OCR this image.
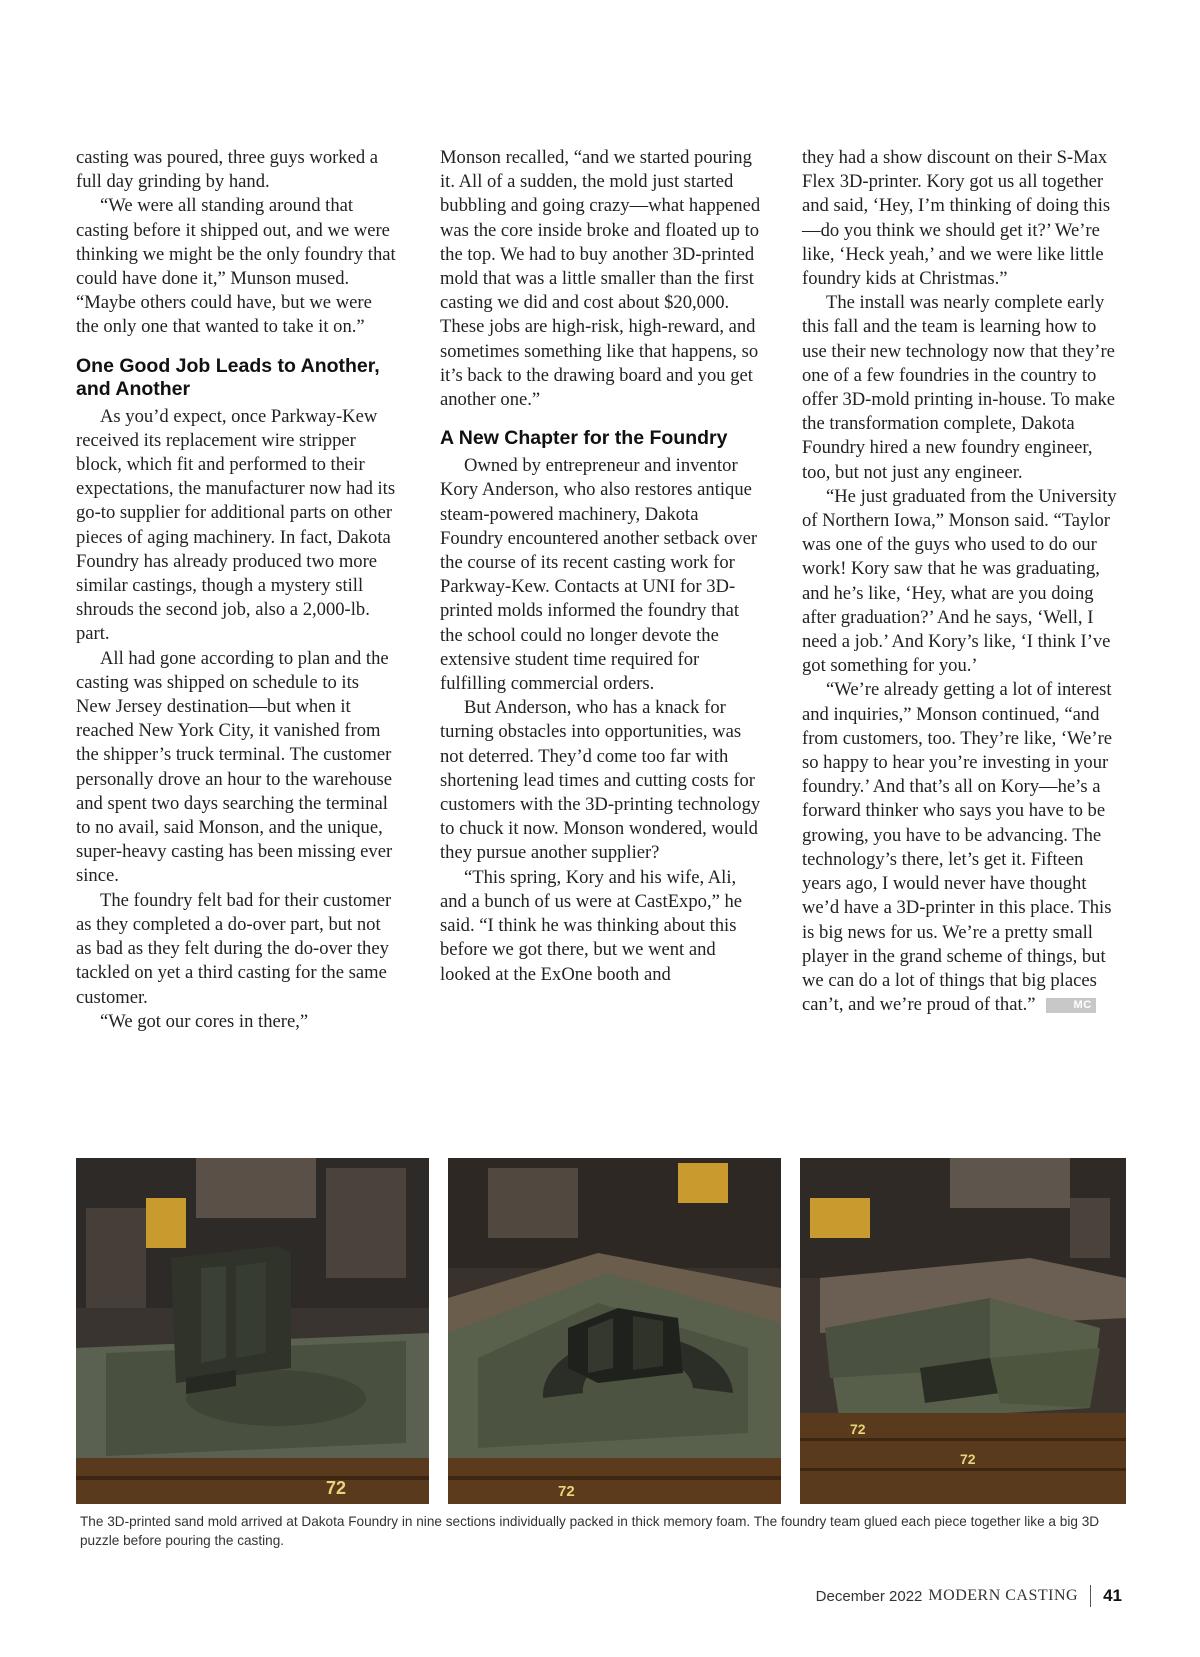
casting was poured, three guys worked a full day grinding by hand.

“We were all standing around that casting before it shipped out, and we were thinking we might be the only foundry that could have done it,” Munson mused. “Maybe others could have, but we were the only one that wanted to take it on.”

One Good Job Leads to Another, and Another

As you’d expect, once Parkway-Kew received its replacement wire stripper block, which fit and performed to their expectations, the manufacturer now had its go-to supplier for additional parts on other pieces of aging machinery. In fact, Dakota Foundry has already produced two more similar castings, though a mystery still shrouds the second job, also a 2,000-lb. part.

All had gone according to plan and the casting was shipped on schedule to its New Jersey destination—but when it reached New York City, it vanished from the shipper’s truck terminal. The customer personally drove an hour to the warehouse and spent two days searching the terminal to no avail, said Monson, and the unique, super-heavy casting has been missing ever since.

The foundry felt bad for their customer as they completed a do-over part, but not as bad as they felt during the do-over they tackled on yet a third casting for the same customer.

“We got our cores in there,”

Monson recalled, “and we started pouring it. All of a sudden, the mold just started bubbling and going crazy—what happened was the core inside broke and floated up to the top. We had to buy another 3D-printed mold that was a little smaller than the first casting we did and cost about $20,000. These jobs are high-risk, high-reward, and sometimes something like that happens, so it’s back to the drawing board and you get another one.”

A New Chapter for the Foundry

Owned by entrepreneur and inventor Kory Anderson, who also restores antique steam-powered machinery, Dakota Foundry encountered another setback over the course of its recent casting work for Parkway-Kew. Contacts at UNI for 3D-printed molds informed the foundry that the school could no longer devote the extensive student time required for fulfilling commercial orders.

But Anderson, who has a knack for turning obstacles into opportunities, was not deterred. They’d come too far with shortening lead times and cutting costs for customers with the 3D-printing technology to chuck it now. Monson wondered, would they pursue another supplier?

“This spring, Kory and his wife, Ali, and a bunch of us were at CastExpo,” he said. “I think he was thinking about this before we got there, but we went and looked at the ExOne booth and

they had a show discount on their S-Max Flex 3D-printer. Kory got us all together and said, ‘Hey, I’m thinking of doing this—do you think we should get it?’ We’re like, ‘Heck yeah,’ and we were like little foundry kids at Christmas.”

The install was nearly complete early this fall and the team is learning how to use their new technology now that they’re one of a few foundries in the country to offer 3D-mold printing in-house. To make the transformation complete, Dakota Foundry hired a new foundry engineer, too, but not just any engineer.

“He just graduated from the University of Northern Iowa,” Monson said. “Taylor was one of the guys who used to do our work! Kory saw that he was graduating, and he’s like, ‘Hey, what are you doing after graduation?’ And he says, ‘Well, I need a job.’ And Kory’s like, ‘I think I’ve got something for you.’

“We’re already getting a lot of interest and inquiries,” Monson continued, “and from customers, too. They’re like, ‘We’re so happy to hear you’re investing in your foundry.’ And that’s all on Kory—he’s a forward thinker who says you have to be growing, you have to be advancing. The technology’s there, let’s get it. Fifteen years ago, I would never have thought we’d have a 3D-printer in this place. This is big news for us. We’re a pretty small player in the grand scheme of things, but we can do a lot of things that big places can’t, and we’re proud of that.”	MC

72	72
72
72
The 3D-printed sand mold arrived at Dakota Foundry in nine sections individually packed in thick memory foam. The foundry team glued each piece together like a big 3D puzzle before pouring the casting.
December 2022 MODERN CASTING 41
